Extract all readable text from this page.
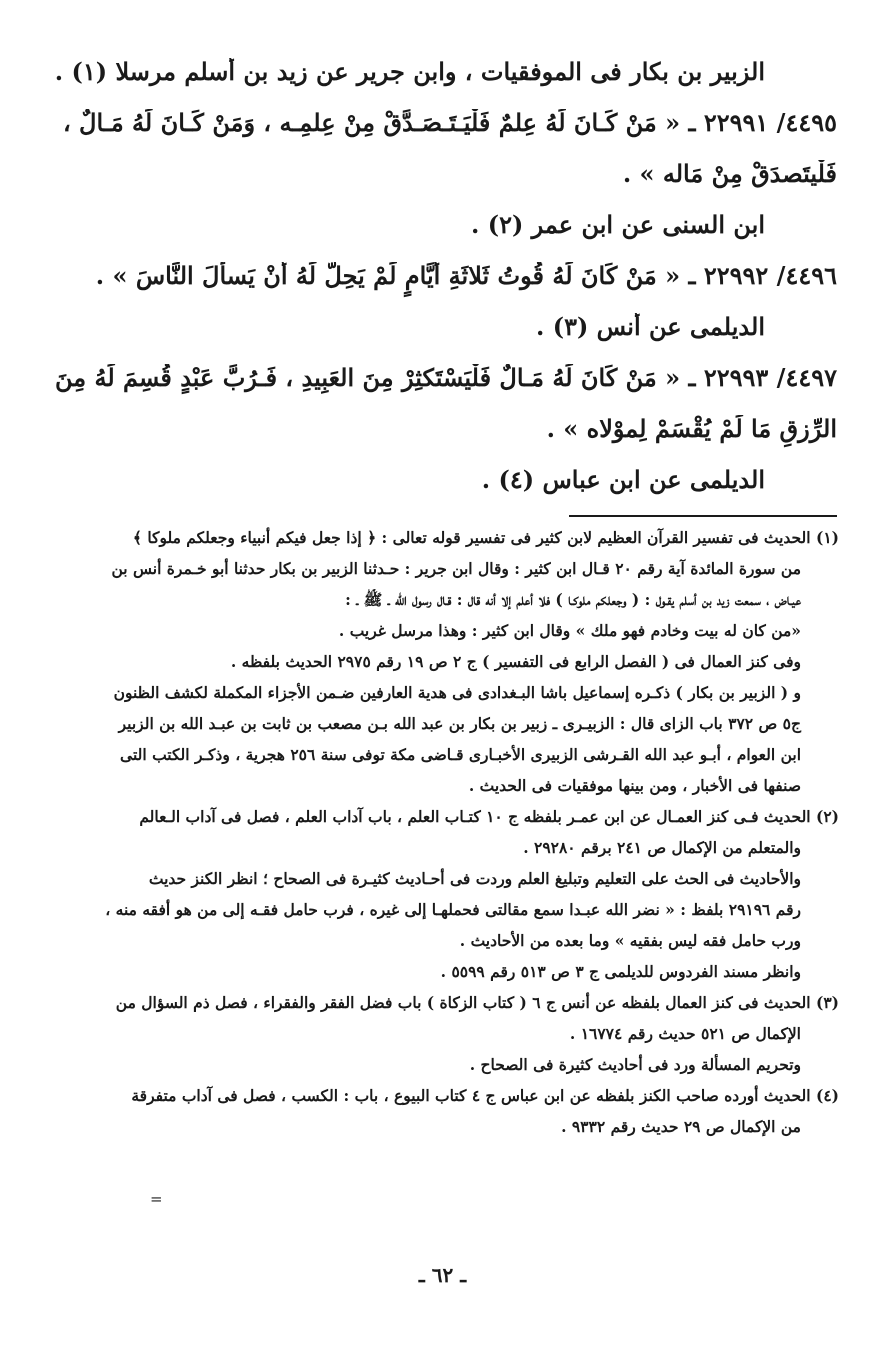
الزبير بن بكار فى الموفقيات ، وابن جرير عن زيد بن أسلم مرسلا (١) .
٤٤٩٥/ ٢٢٩٩١ ـ « مَنْ كَـانَ لَهُ عِلمٌ فَلْيَـتَـصَـدَّقْ مِنْ عِلمِـه ، وَمَنْ كَـانَ لَهُ مَـالٌ ،
فَلْيتَصدَقْ مِنْ مَاله » .
ابن السنى عن ابن عمر (٢) .
٤٤٩٦/ ٢٢٩٩٢ ـ « مَنْ كَانَ لَهُ قُوتُ ثَلاثَةِ أَيَّامٍ لَمْ يَحِلَّ لَهُ أَنْ يَسأَلَ النَّاسَ » .
الديلمى عن أنس (٣) .
٤٤٩٧/ ٢٢٩٩٣ ـ « مَنْ كَانَ لَهُ مَـالٌ فَلْيَسْتَكثِرْ مِنَ العَبِيدِ ، فَـرُبَّ عَبْدٍ قُسِمَ لَهُ مِنَ
الرِّزقِ مَا لَمْ يُقْسَمْ لِموْلاه » .
الديلمى عن ابن عباس (٤) .
(١) الحديث فى تفسير القرآن العظيم لابن كثير فى تفسير قوله تعالى : ﴿ إذا جعل فيكم أنبياء وجعلكم ملوكا ﴾
من سورة المائدة آية رقم ٢٠ قـال ابن كثير : وقال ابن جرير : حـدثنا الزبير بن بكار حدثنا أبو خـمرة أنس بن
عيـاض ، سمعت زيد بن أسلم يقـول : ( وجعلكم ملوكـا ) فلا أعلم إلا أنه قال : قـال رسول الله ـ ﷺ ـ :
«من كان له بيت وخادم فهو ملك » وقال ابن كثير : وهذا مرسل غريب .
وفى كنز العمال فى ( الفصل الرابع فى التفسير ) ج ٢ ص ١٩ رقم ٢٩٧٥ الحديث بلفظه .
و ( الزبير بن بكار ) ذكـره إسماعيل باشا البـغدادى فى هدية العارفين ضـمن الأجزاء المكملة لكشف الظنون
ج٥ ص ٣٧٢ باب الزاى قال : الزبيـرى ـ زبير بن بكار بن عبد الله بـن مصعب بن ثابت بن عبـد الله بن الزبير
ابن العوام ، أبـو عبد الله القـرشى الزبيرى الأخبـارى قـاضى مكة توفى سنة ٢٥٦ هجرية ، وذكـر الكتب التى
صنفها فى الأخبار ، ومن بينها موفقيات فى الحديث .
(٢) الحديث فـى كنز العمـال عن ابن عمـر بلفظه ج ١٠ كتـاب العلم ، باب آداب العلم ، فصل فى آداب الـعالم
والمتعلم من الإكمال ص ٢٤١ برقم ٢٩٢٨٠ .
والأحاديث فى الحث على التعليم وتبليغ العلم وردت فى أحـاديث كثيـرة فى الصحاح ؛ انظر الكنز حديث
رقم ٢٩١٩٦ بلفظ : « نضر الله عبـدا سمع مقالتى فحملهـا إلى غيره ، فرب حامل فقـه إلى من هو أفقه منه ،
ورب حامل فقه ليس بفقيه » وما بعده من الأحاديث .
وانظر مسند الفردوس للديلمى ج ٣ ص ٥١٣ رقم ٥٥٩٩ .
(٣) الحديث فى كنز العمال بلفظه عن أنس ج ٦ ( كتاب الزكاة ) باب فضل الفقر والفقراء ، فصل ذم السؤال من
الإكمال ص ٥٢١ حديث رقم ١٦٧٧٤ .
وتحريم المسألة ورد فى أحاديث كثيرة فى الصحاح .
(٤) الحديث أورده صاحب الكنز بلفظه عن ابن عباس ج ٤ كتاب البيوع ، باب : الكسب ، فصل فى آداب متفرقة
من الإكمال ص ٢٩ حديث رقم ٩٣٣٢ .
=
ـ ٦٢ ـ
